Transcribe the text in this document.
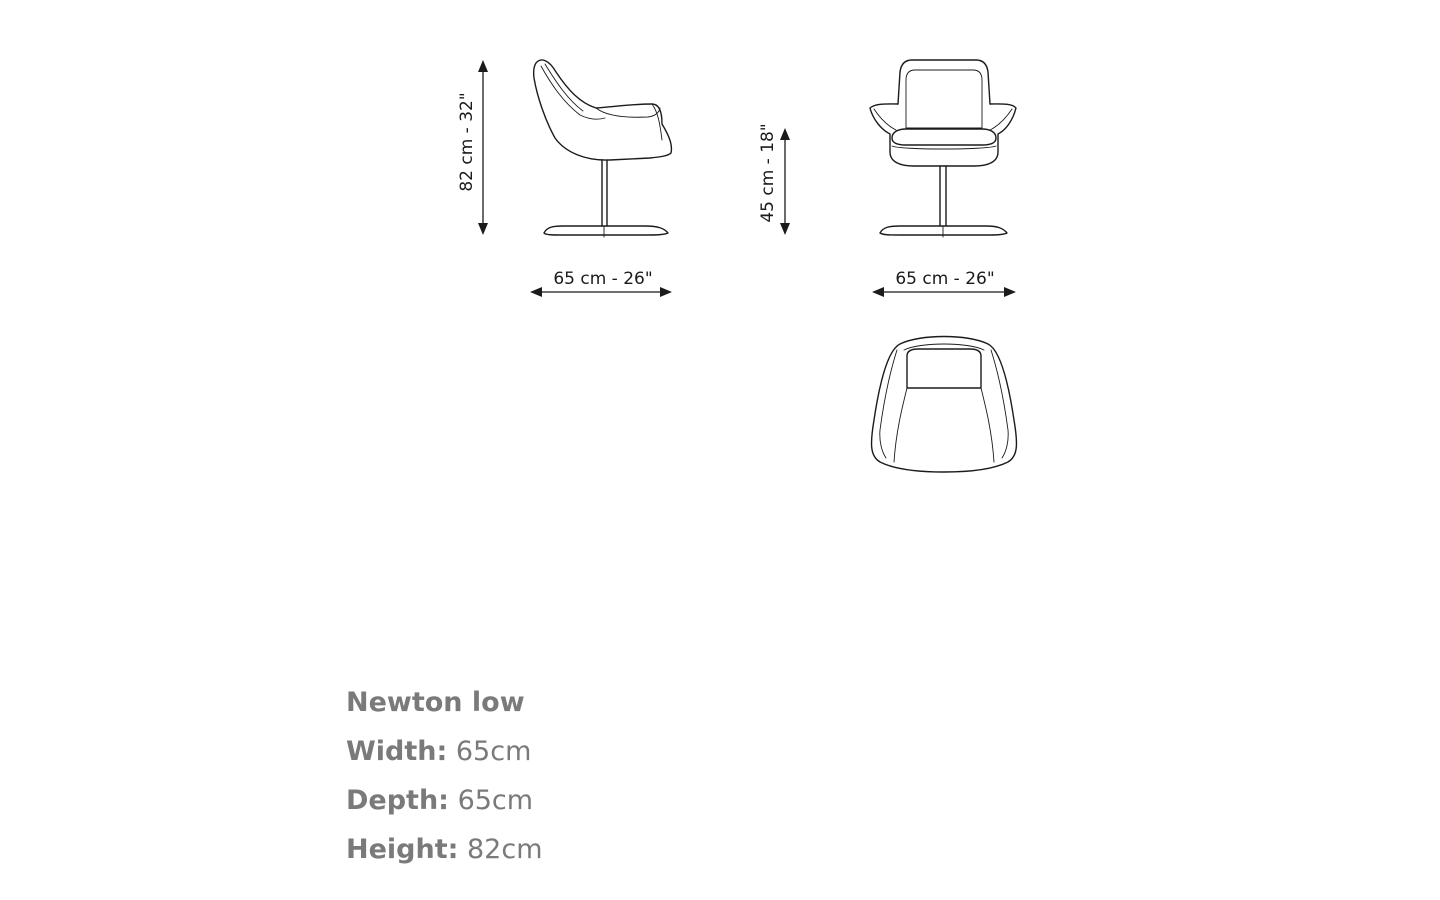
82 cm - 32"
65 cm - 26"
45 cm - 18"
65 cm - 26"
Newton low
Width: 65cm
Depth: 65cm
Height: 82cm
